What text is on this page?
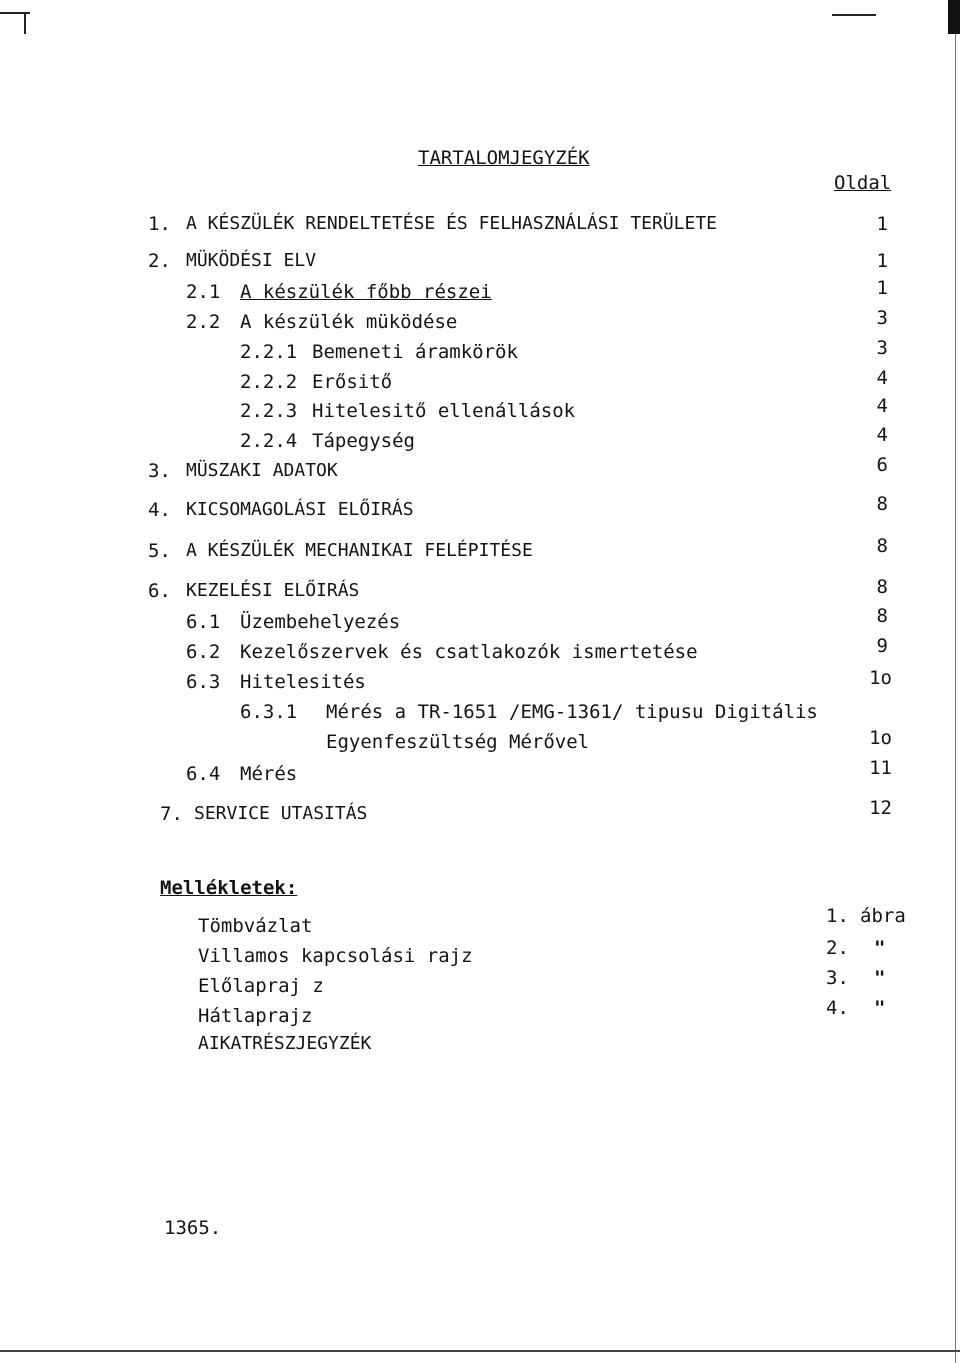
TARTALOMJEGYZÉK
Oldal
1. A KÉSZÜLÉK RENDELTETÉSE ÉS FELHASZNÁLÁSI TERÜLETE	1
2. MÜKÖDÉSI ELV	1
2.1 A készülék főbb részei	1
2.2 A készülék müködése	3
2.2.1 Bemeneti áramkörök	3
2.2.2 Erősitő	4
2.2.3 Hitelesitő ellenállások	4
2.2.4 Tápegység	4
3. MÜSZAKI ADATOK	6
4. KICSOMAGOLÁSI ELŐIRÁS	8
5. A KÉSZÜLÉK MECHANIKAI FELÉPITÉSE	8
6. KEZELÉSI ELŐIRÁS	8
6.1 Üzembehelyezés	8
6.2 Kezelőszervek és csatlakozók ismertetése	9
6.3 Hitelesités	1o
6.3.1 Mérés a TR-1651 /EMG-1361/ tipusu Digitális
Egyenfeszültség Mérővel	1o
6.4 Mérés	11
7. SERVICE UTASITÁS	12
Mellékletek:
Tömbvázlat	1. ábra
Villamos kapcsolási rajz	2. "
Előlapraj z	3. "
Hátlaprajz	4. "
AIKATRÉSZJEGYZÉK
1365.
